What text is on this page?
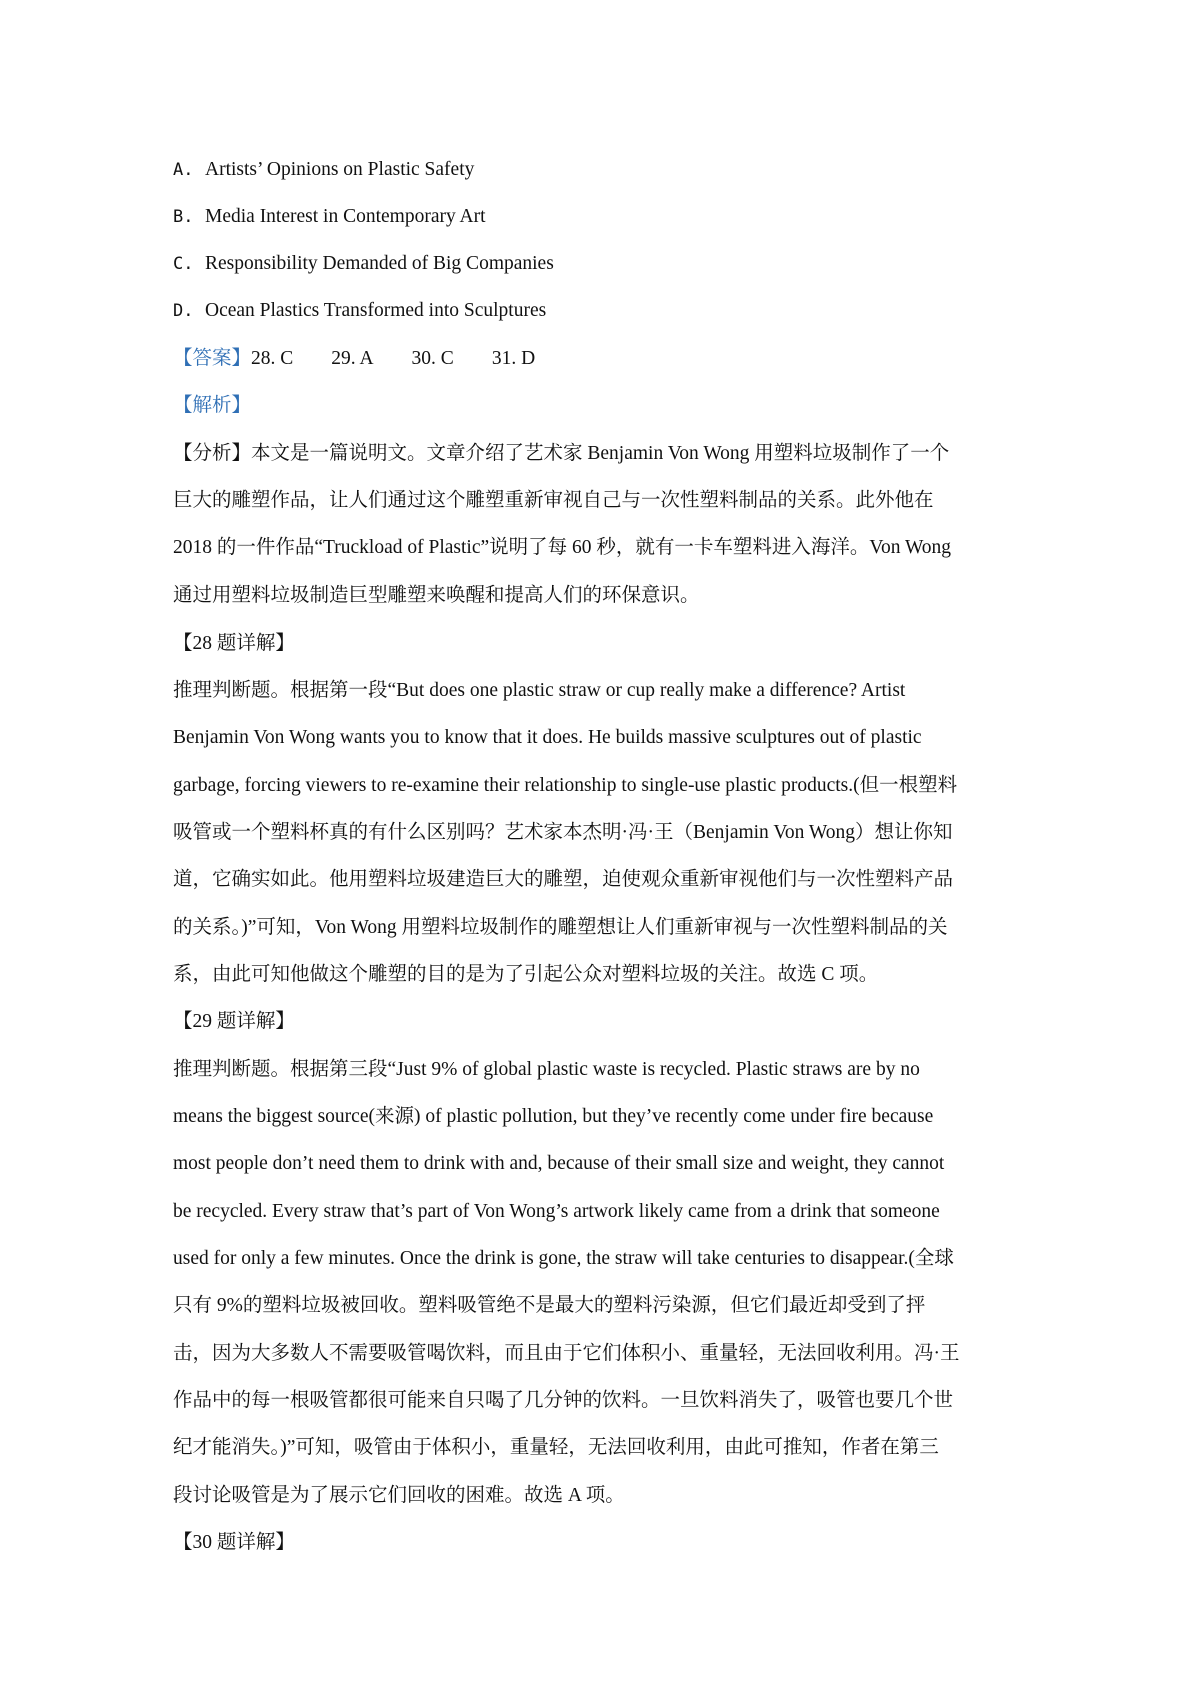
A. Artists’ Opinions on Plastic Safety
B. Media Interest in Contemporary Art
C. Responsibility Demanded of Big Companies
D. Ocean Plastics Transformed into Sculptures
【答案】28. C 29. A 30. C 31. D
【解析】
【分析】本文是一篇说明文。文章介绍了艺术家 Benjamin Von Wong 用塑料垃圾制作了一个
巨大的雕塑作品，让人们通过这个雕塑重新审视自己与一次性塑料制品的关系。此外他在
2018 的一件作品“Truckload of Plastic”说明了每 60 秒，就有一卡车塑料进入海洋。Von Wong
通过用塑料垃圾制造巨型雕塑来唤醒和提高人们的环保意识。
【28 题详解】
推理判断题。根据第一段“But does one plastic straw or cup really make a difference? Artist
Benjamin Von Wong wants you to know that it does. He builds massive sculptures out of plastic
garbage, forcing viewers to re-examine their relationship to single-use plastic products.(但一根塑料
吸管或一个塑料杯真的有什么区别吗？艺术家本杰明·冯·王（Benjamin Von Wong）想让你知
道，它确实如此。他用塑料垃圾建造巨大的雕塑，迫使观众重新审视他们与一次性塑料产品
的关系。)”可知，Von Wong 用塑料垃圾制作的雕塑想让人们重新审视与一次性塑料制品的关
系，由此可知他做这个雕塑的目的是为了引起公众对塑料垃圾的关注。故选 C 项。
【29 题详解】
推理判断题。根据第三段“Just 9% of global plastic waste is recycled. Plastic straws are by no
means the biggest source(来源) of plastic pollution, but they’ve recently come under fire because
most people don’t need them to drink with and, because of their small size and weight, they cannot
be recycled. Every straw that’s part of Von Wong’s artwork likely came from a drink that someone
used for only a few minutes. Once the drink is gone, the straw will take centuries to disappear.(全球
只有 9%的塑料垃圾被回收。塑料吸管绝不是最大的塑料污染源，但它们最近却受到了抨
击，因为大多数人不需要吸管喝饮料，而且由于它们体积小、重量轻，无法回收利用。冯·王
作品中的每一根吸管都很可能来自只喝了几分钟的饮料。一旦饮料消失了，吸管也要几个世
纪才能消失。)”可知，吸管由于体积小，重量轻，无法回收利用，由此可推知，作者在第三
段讨论吸管是为了展示它们回收的困难。故选 A 项。
【30 题详解】
